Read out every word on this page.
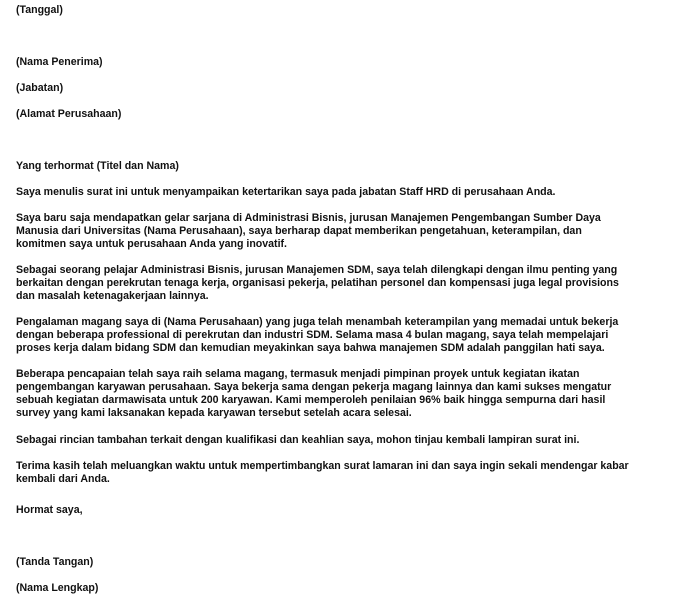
(Tanggal)
(Nama Penerima)
(Jabatan)
(Alamat Perusahaan)
Yang terhormat (Titel dan Nama)
Saya menulis surat ini untuk menyampaikan ketertarikan saya pada jabatan Staff HRD di perusahaan Anda.
Saya baru saja mendapatkan gelar sarjana di Administrasi Bisnis, jurusan Manajemen Pengembangan Sumber Daya
Manusia dari Universitas (Nama Perusahaan), saya berharap dapat memberikan pengetahuan, keterampilan, dan
komitmen saya untuk perusahaan Anda yang inovatif.
Sebagai seorang pelajar Administrasi Bisnis, jurusan Manajemen SDM, saya telah dilengkapi dengan ilmu penting yang
berkaitan dengan perekrutan tenaga kerja, organisasi pekerja, pelatihan personel dan kompensasi juga legal provisions
dan masalah ketenagakerjaan lainnya.
Pengalaman magang saya di (Nama Perusahaan) yang juga telah menambah keterampilan yang memadai untuk bekerja
dengan beberapa professional di perekrutan dan industri SDM. Selama masa 4 bulan magang, saya telah mempelajari
proses kerja dalam bidang SDM dan kemudian meyakinkan saya bahwa manajemen SDM adalah panggilan hati saya.
Beberapa pencapaian telah saya raih selama magang, termasuk menjadi pimpinan proyek untuk kegiatan ikatan
pengembangan karyawan perusahaan. Saya bekerja sama dengan pekerja magang lainnya dan kami sukses mengatur
sebuah kegiatan darmawisata untuk 200 karyawan. Kami memperoleh penilaian 96% baik hingga sempurna dari hasil
survey yang kami laksanakan kepada karyawan tersebut setelah acara selesai.
Sebagai rincian tambahan terkait dengan kualifikasi dan keahlian saya, mohon tinjau kembali lampiran surat ini.
Terima kasih telah meluangkan waktu untuk mempertimbangkan surat lamaran ini dan saya ingin sekali mendengar kabar
kembali dari Anda.
Hormat saya,
(Tanda Tangan)
(Nama Lengkap)
